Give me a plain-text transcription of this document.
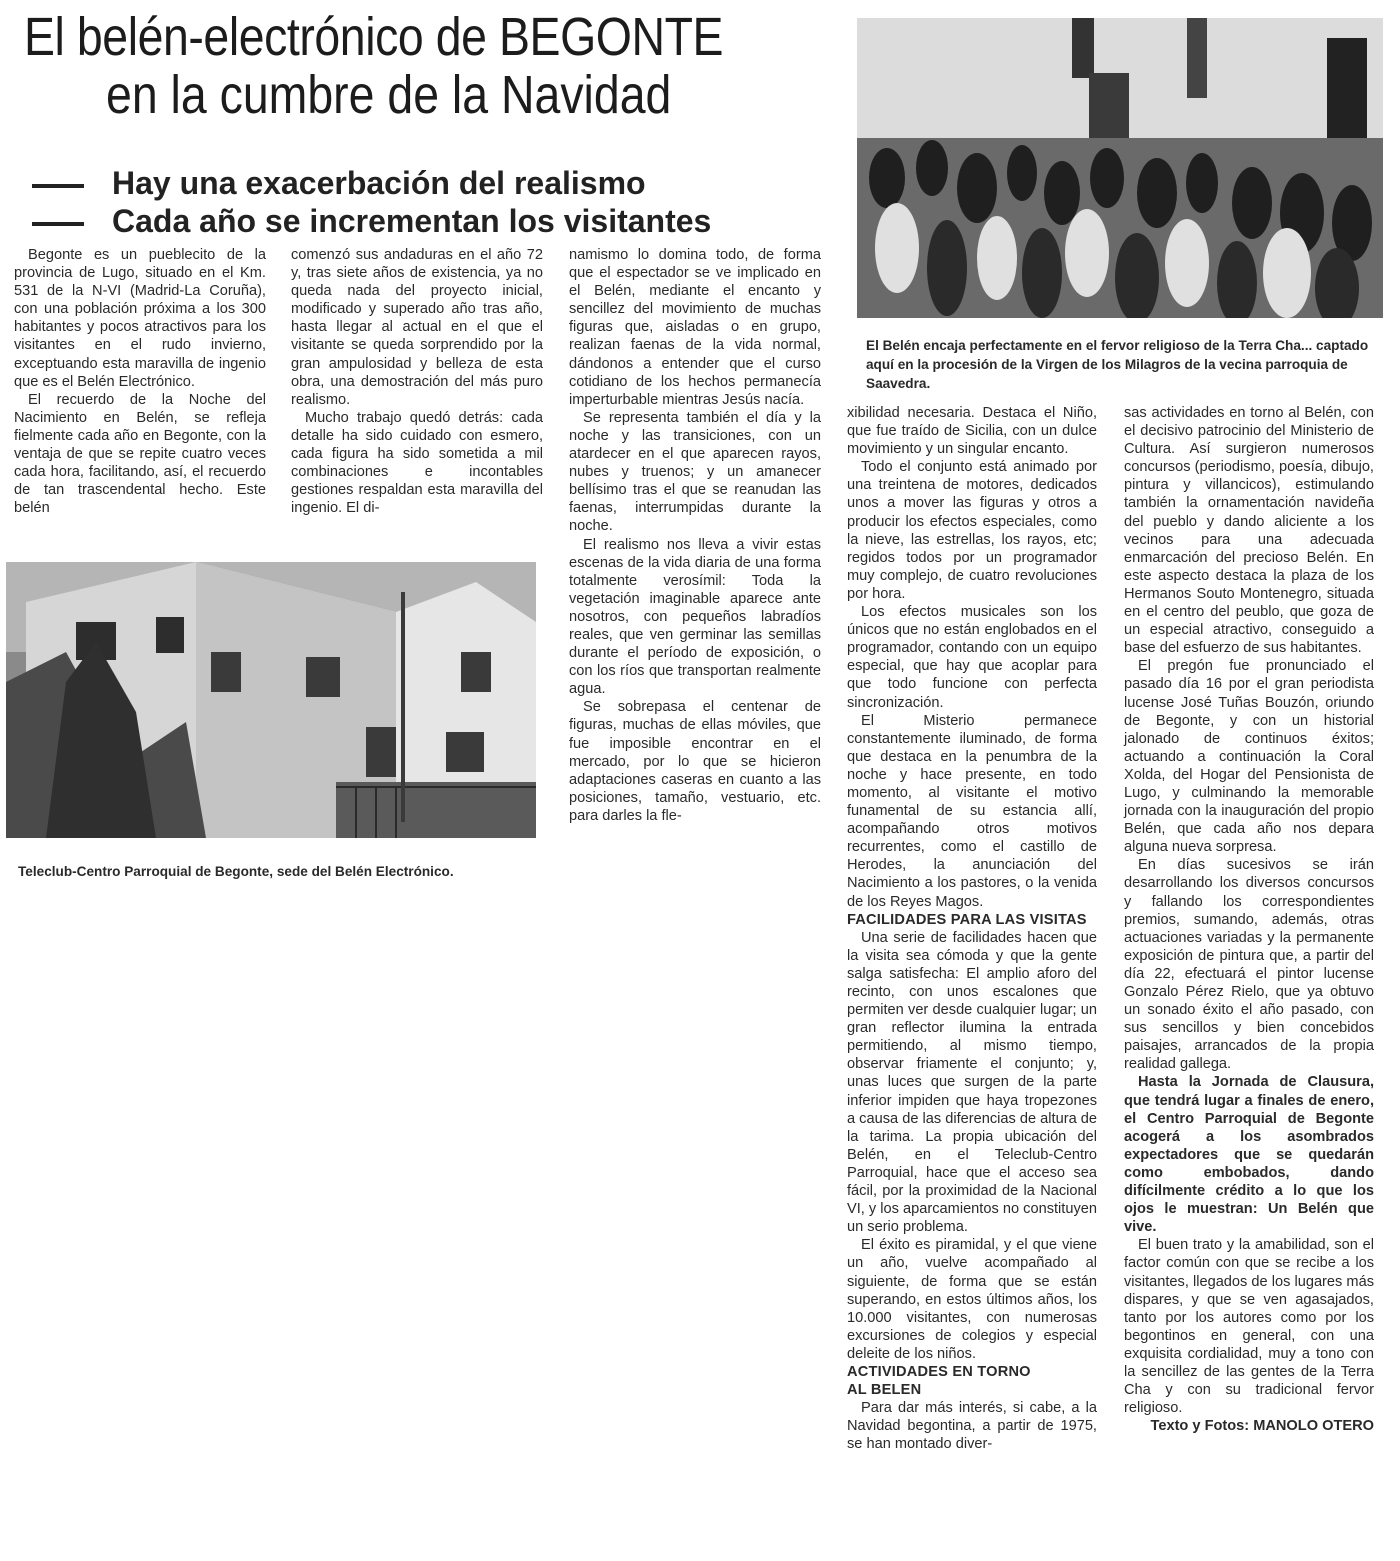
El belén-electrónico de BEGONTE
en la cumbre de la Navidad
Hay una exacerbación del realismo
Cada año se incrementan los visitantes

Begonte es un pueblecito de la provincia de Lugo, situado en el Km. 531 de la N-VI (Madrid-La Coruña), con una población próxima a los 300 habitantes y pocos atractivos para los visitantes en el rudo invierno, exceptuando esta maravilla de ingenio que es el Belén Electrónico.

El recuerdo de la Noche del Nacimiento en Belén, se refleja fielmente cada año en Begonte, con la ventaja de que se repite cuatro veces cada hora, facilitando, así, el recuerdo de tan trascendental hecho. Este belén

comenzó sus andaduras en el año 72 y, tras siete años de existencia, ya no queda nada del proyecto inicial, modificado y superado año tras año, hasta llegar al actual en el que el visitante se queda sorprendido por la gran ampulosidad y belleza de esta obra, una demostración del más puro realismo.

Mucho trabajo quedó detrás: cada detalle ha sido cuidado con esmero, cada figura ha sido sometida a mil combinaciones e incontables gestiones respaldan esta maravilla del ingenio. El di-

Teleclub-Centro Parroquial de Begonte, sede del Belén Electrónico.

namismo lo domina todo, de forma que el espectador se ve implicado en el Belén, mediante el encanto y sencillez del movimiento de muchas figuras que, aisladas o en grupo, realizan faenas de la vida normal, dándonos a entender que el curso cotidiano de los hechos permanecía imperturbable mientras Jesús nacía.

Se representa también el día y la noche y las transiciones, con un atardecer en el que aparecen rayos, nubes y truenos; y un amanecer bellísimo tras el que se reanudan las faenas, interrumpidas durante la noche.

El realismo nos lleva a vivir estas escenas de la vida diaria de una forma totalmente verosímil: Toda la vegetación imaginable aparece ante nosotros, con pequeños labradíos reales, que ven germinar las semillas durante el período de exposición, o con los ríos que transportan realmente agua.

Se sobrepasa el centenar de figuras, muchas de ellas móviles, que fue imposible encontrar en el mercado, por lo que se hicieron adaptaciones caseras en cuanto a las posiciones, tamaño, vestuario, etc. para darles la fle-

El Belén encaja perfectamente en el fervor religioso de la Terra Cha... captado aquí en la procesión de la Virgen de los Milagros de la vecina parroquia de Saavedra.

xibilidad necesaria. Destaca el Niño, que fue traído de Sicilia, con un dulce movimiento y un singular encanto.

Todo el conjunto está animado por una treintena de motores, dedicados unos a mover las figuras y otros a producir los efectos especiales, como la nieve, las estrellas, los rayos, etc; regidos todos por un programador muy complejo, de cuatro revoluciones por hora.

Los efectos musicales son los únicos que no están englobados en el programador, contando con un equipo especial, que hay que acoplar para que todo funcione con perfecta sincronización.

El Misterio permanece constantemente iluminado, de forma que destaca en la penumbra de la noche y hace presente, en todo momento, al visitante el motivo funamental de su estancia allí, acompañando otros motivos recurrentes, como el castillo de Herodes, la anunciación del Nacimiento a los pastores, o la venida de los Reyes Magos.

FACILIDADES PARA LAS VISITAS

Una serie de facilidades hacen que la visita sea cómoda y que la gente salga satisfecha: El amplio aforo del recinto, con unos escalones que permiten ver desde cualquier lugar; un gran reflector ilumina la entrada permitiendo, al mismo tiempo, observar friamente el conjunto; y, unas luces que surgen de la parte inferior impiden que haya tropezones a causa de las diferencias de altura de la tarima. La propia ubicación del Belén, en el Teleclub-Centro Parroquial, hace que el acceso sea fácil, por la proximidad de la Nacional VI, y los aparcamientos no constituyen un serio problema.

El éxito es piramidal, y el que viene un año, vuelve acompañado al siguiente, de forma que se están superando, en estos últimos años, los 10.000 visitantes, con numerosas excursiones de colegios y especial deleite de los niños.

ACTIVIDADES EN TORNO

AL BELEN

Para dar más interés, si cabe, a la Navidad begontina, a partir de 1975, se han montado diver-

sas actividades en torno al Belén, con el decisivo patrocinio del Ministerio de Cultura. Así surgieron numerosos concursos (periodismo, poesía, dibujo, pintura y villancicos), estimulando también la ornamentación navideña del pueblo y dando aliciente a los vecinos para una adecuada enmarcación del precioso Belén. En este aspecto destaca la plaza de los Hermanos Souto Montenegro, situada en el centro del peublo, que goza de un especial atractivo, conseguido a base del esfuerzo de sus habitantes.

El pregón fue pronunciado el pasado día 16 por el gran periodista lucense José Tuñas Bouzón, oriundo de Begonte, y con un historial jalonado de continuos éxitos; actuando a continuación la Coral Xolda, del Hogar del Pensionista de Lugo, y culminando la memorable jornada con la inauguración del propio Belén, que cada año nos depara alguna nueva sorpresa.

En días sucesivos se irán desarrollando los diversos concursos y fallando los correspondientes premios, sumando, además, otras actuaciones variadas y la permanente exposición de pintura que, a partir del día 22, efectuará el pintor lucense Gonzalo Pérez Rielo, que ya obtuvo un sonado éxito el año pasado, con sus sencillos y bien concebidos paisajes, arrancados de la propia realidad gallega.

Hasta la Jornada de Clausura, que tendrá lugar a finales de enero, el Centro Parroquial de Begonte acogerá a los asombrados expectadores que se quedarán como embobados, dando difícilmente crédito a lo que los ojos le muestran: Un Belén que vive.

El buen trato y la amabilidad, son el factor común con que se recibe a los visitantes, llegados de los lugares más dispares, y que se ven agasajados, tanto por los autores como por los begontinos en general, con una exquisita cordialidad, muy a tono con la sencillez de las gentes de la Terra Cha y con su tradicional fervor religioso.

Texto y Fotos: MANOLO OTERO
